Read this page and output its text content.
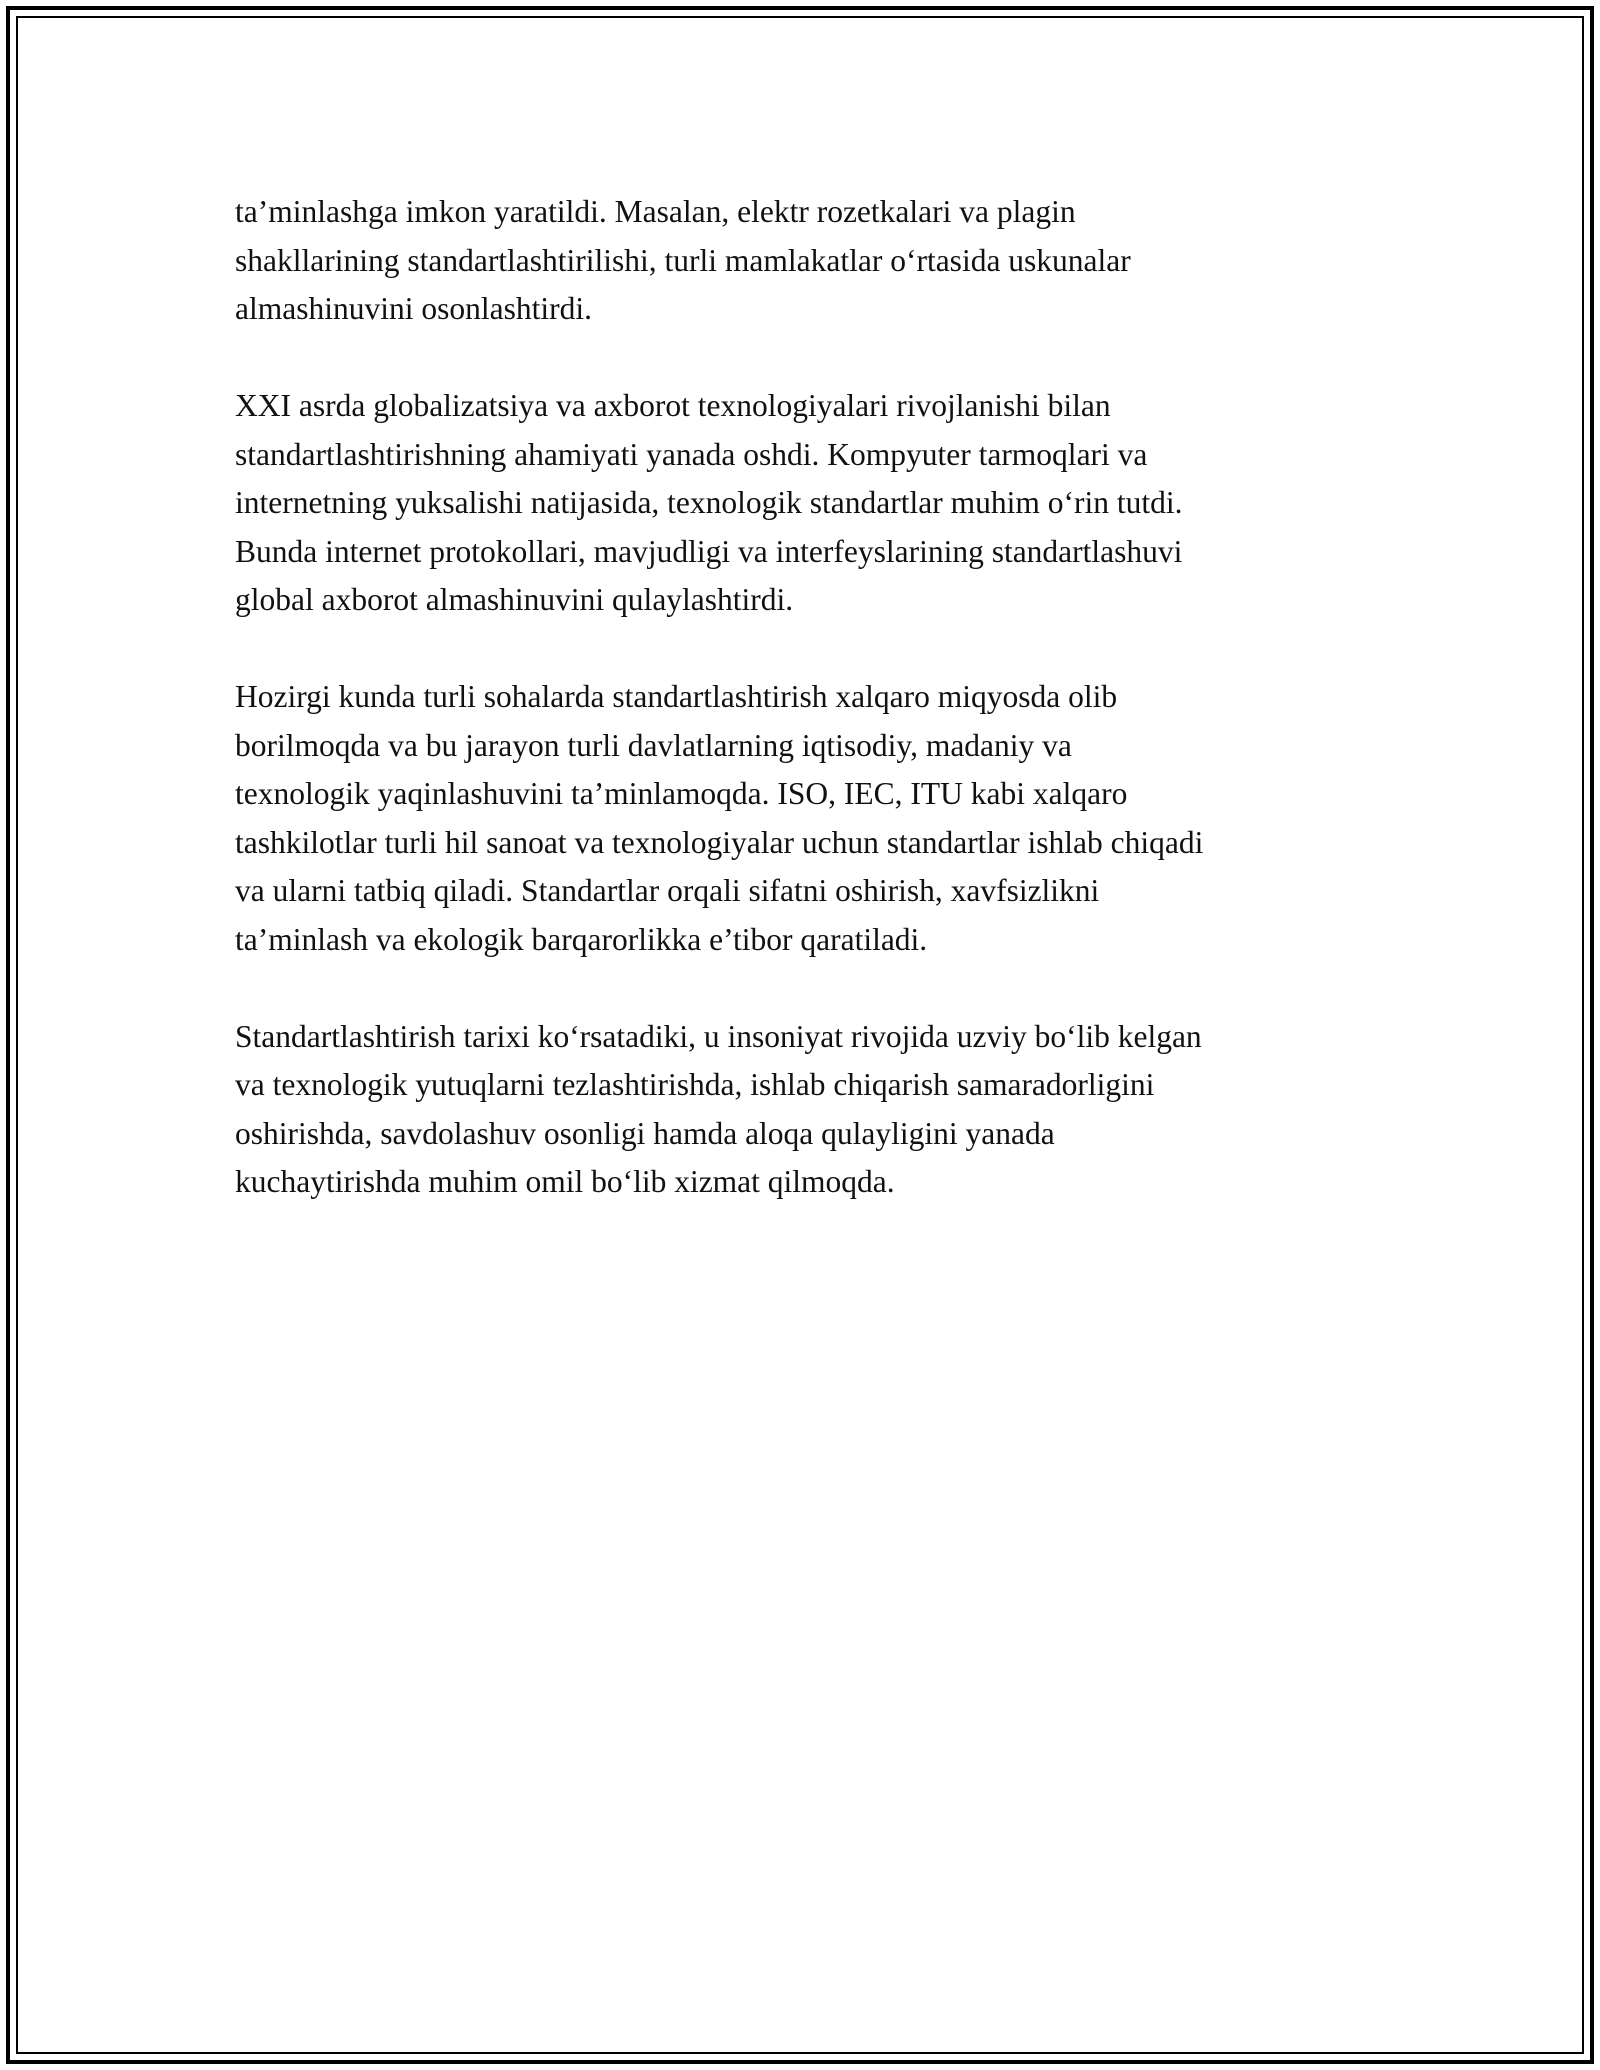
ta’minlashga imkon yaratildi. Masalan, elektr rozetkalari va plagin
shakllarining standartlashtirilishi, turli mamlakatlar o‘rtasida uskunalar
almashinuvini osonlashtirdi.

XXI asrda globalizatsiya va axborot texnologiyalari rivojlanishi bilan
standartlashtirishning ahamiyati yanada oshdi. Kompyuter tarmoqlari va
internetning yuksalishi natijasida, texnologik standartlar muhim o‘rin tutdi.
Bunda internet protokollari, mavjudligi va interfeyslarining standartlashuvi
global axborot almashinuvini qulaylashtirdi.

Hozirgi kunda turli sohalarda standartlashtirish xalqaro miqyosda olib
borilmoqda va bu jarayon turli davlatlarning iqtisodiy, madaniy va
texnologik yaqinlashuvini ta’minlamoqda. ISO, IEC, ITU kabi xalqaro
tashkilotlar turli hil sanoat va texnologiyalar uchun standartlar ishlab chiqadi
va ularni tatbiq qiladi. Standartlar orqali sifatni oshirish, xavfsizlikni
ta’minlash va ekologik barqarorlikka e’tibor qaratiladi.

Standartlashtirish tarixi ko‘rsatadiki, u insoniyat rivojida uzviy bo‘lib kelgan
va texnologik yutuqlarni tezlashtirishda, ishlab chiqarish samaradorligini
oshirishda, savdolashuv osonligi hamda aloqa qulayligini yanada
kuchaytirishda muhim omil bo‘lib xizmat qilmoqda.
